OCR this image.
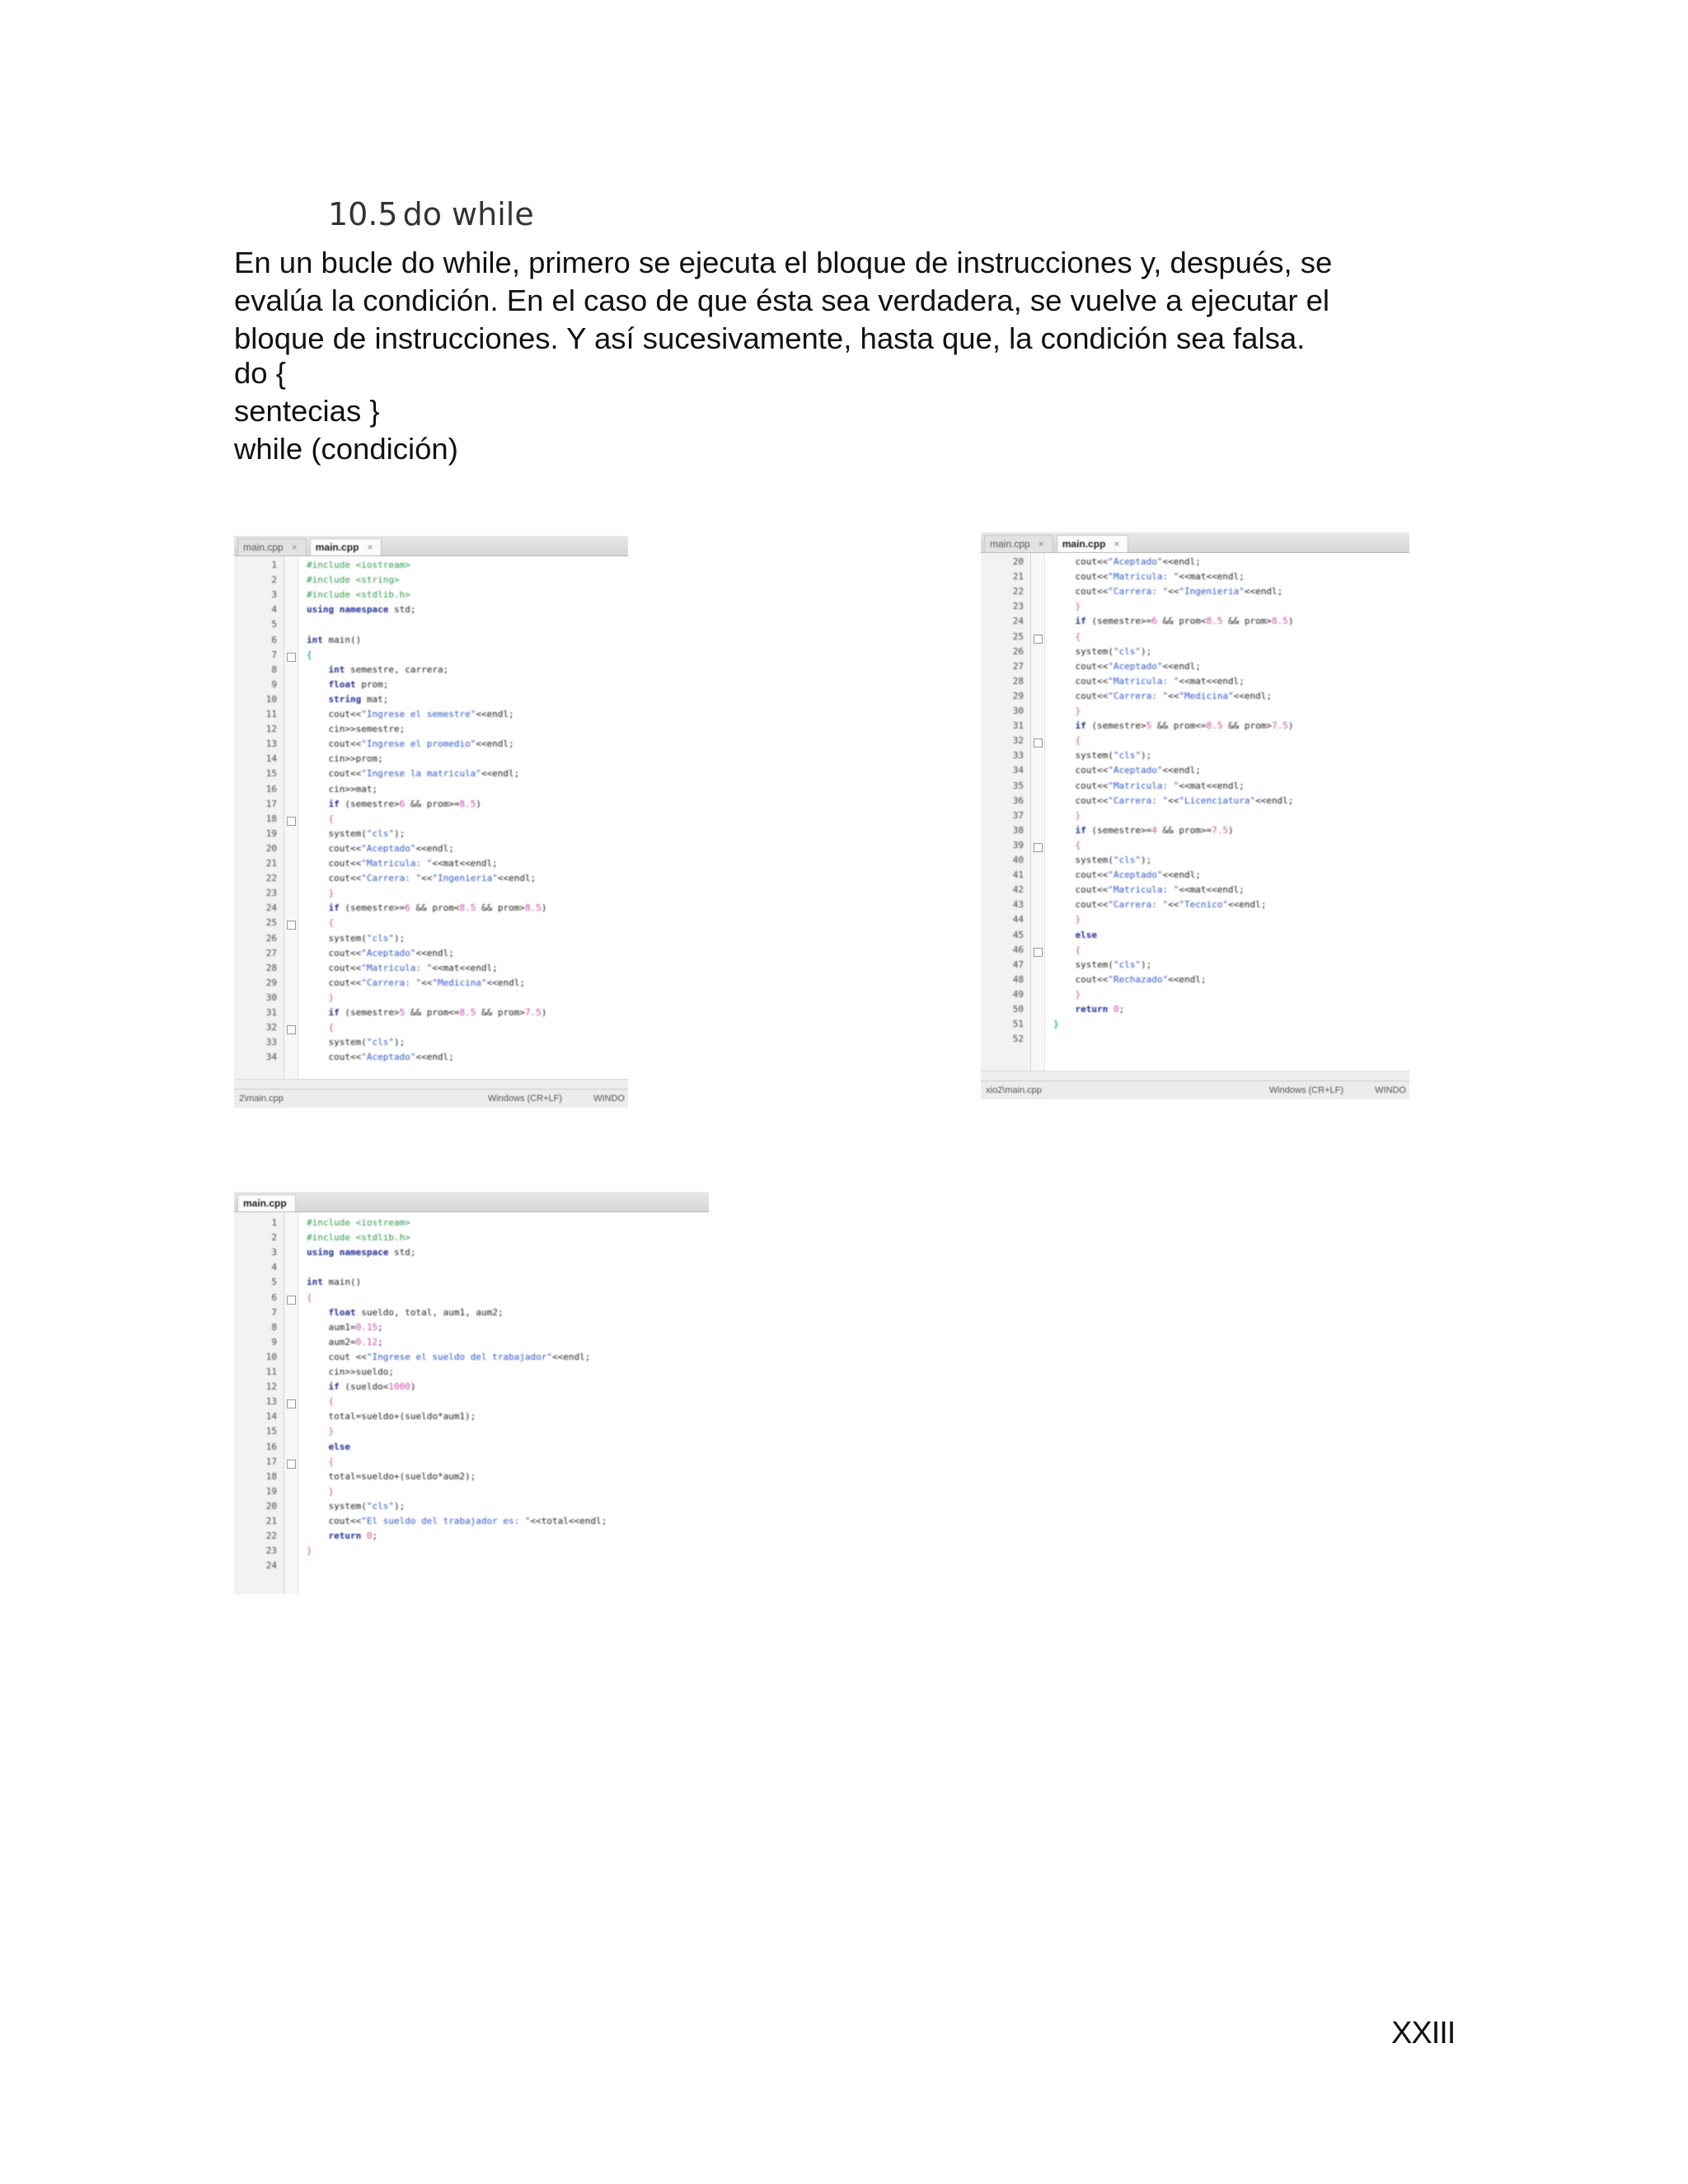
10.5 do while

En un bucle do while, primero se ejecuta el bloque de instrucciones y, después, se

evalúa la condición. En el caso de que ésta sea verdadera, se vuelve a ejecutar el

bloque de instrucciones. Y así sucesivamente, hasta que, la condición sea falsa.

do {
sentecias }
while (condición)
main.cpp ×	main.cpp ×
1
2
3
4
5
6
7
8
9
10
11
12
13
14
15
16
17
18
19
20
21
22
23
24
25
26
27
28
29
30
31
32
33
34
#include <iostream>
#include <string>
#include <stdlib.h>
using namespace std;
int main()
{
int semestre, carrera;
float prom;
string mat;
cout<<"Ingrese el semestre"<<endl;
cin>>semestre;
cout<<"Ingrese el promedio"<<endl;
cin>>prom;
cout<<"Ingrese la matricula"<<endl;
cin>>mat;
if (semestre>6 && prom>=8.5)
{
system("cls");
cout<<"Aceptado"<<endl;
cout<<"Matricula: "<<mat<<endl;
cout<<"Carrera: "<<"Ingenieria"<<endl;
}
if (semestre>=6 && prom<8.5 && prom>8.5)
{
system("cls");
cout<<"Aceptado"<<endl;
cout<<"Matricula: "<<mat<<endl;
cout<<"Carrera: "<<"Medicina"<<endl;
}
if (semestre>5 && prom<=8.5 && prom>7.5)
{
system("cls");
cout<<"Aceptado"<<endl;
2\main.cpp	Windows (CR+LF)	WINDO
main.cpp ×	main.cpp ×
20
21
22
23
24
25
26
27
28
29
30
31
32
33
34
35
36
37
38
39
40
41
42
43
44
45
46
47
48
49
50
51
52
cout<<"Aceptado"<<endl;
cout<<"Matricula: "<<mat<<endl;
cout<<"Carrera: "<<"Ingenieria"<<endl;
}
if (semestre>=6 && prom<8.5 && prom>8.5)
{
system("cls");
cout<<"Aceptado"<<endl;
cout<<"Matricula: "<<mat<<endl;
cout<<"Carrera: "<<"Medicina"<<endl;
}
if (semestre>5 && prom<=8.5 && prom>7.5)
{
system("cls");
cout<<"Aceptado"<<endl;
cout<<"Matricula: "<<mat<<endl;
cout<<"Carrera: "<<"Licenciatura"<<endl;
}
if (semestre>=4 && prom>=7.5)
{
system("cls");
cout<<"Aceptado"<<endl;
cout<<"Matricula: "<<mat<<endl;
cout<<"Carrera: "<<"Tecnico"<<endl;
}
else
{
system("cls");
cout<<"Rechazado"<<endl;
}
return 0;
}
xio2\main.cpp	Windows (CR+LF)	WINDO
main.cpp
1
2
3
4
5
6
7
8
9
10
11
12
13
14
15
16
17
18
19
20
21
22
23
24
#include <iostream>
#include <stdlib.h>
using namespace std;
int main()
{
float sueldo, total, aum1, aum2;
aum1=0.15;
aum2=0.12;
cout <<"Ingrese el sueldo del trabajador"<<endl;
cin>>sueldo;
if (sueldo<1000)
{
total=sueldo+(sueldo*aum1);
}
else
{
total=sueldo+(sueldo*aum2);
}
system("cls");
cout<<"El sueldo del trabajador es: "<<total<<endl;
return 0;
}
XXIII
